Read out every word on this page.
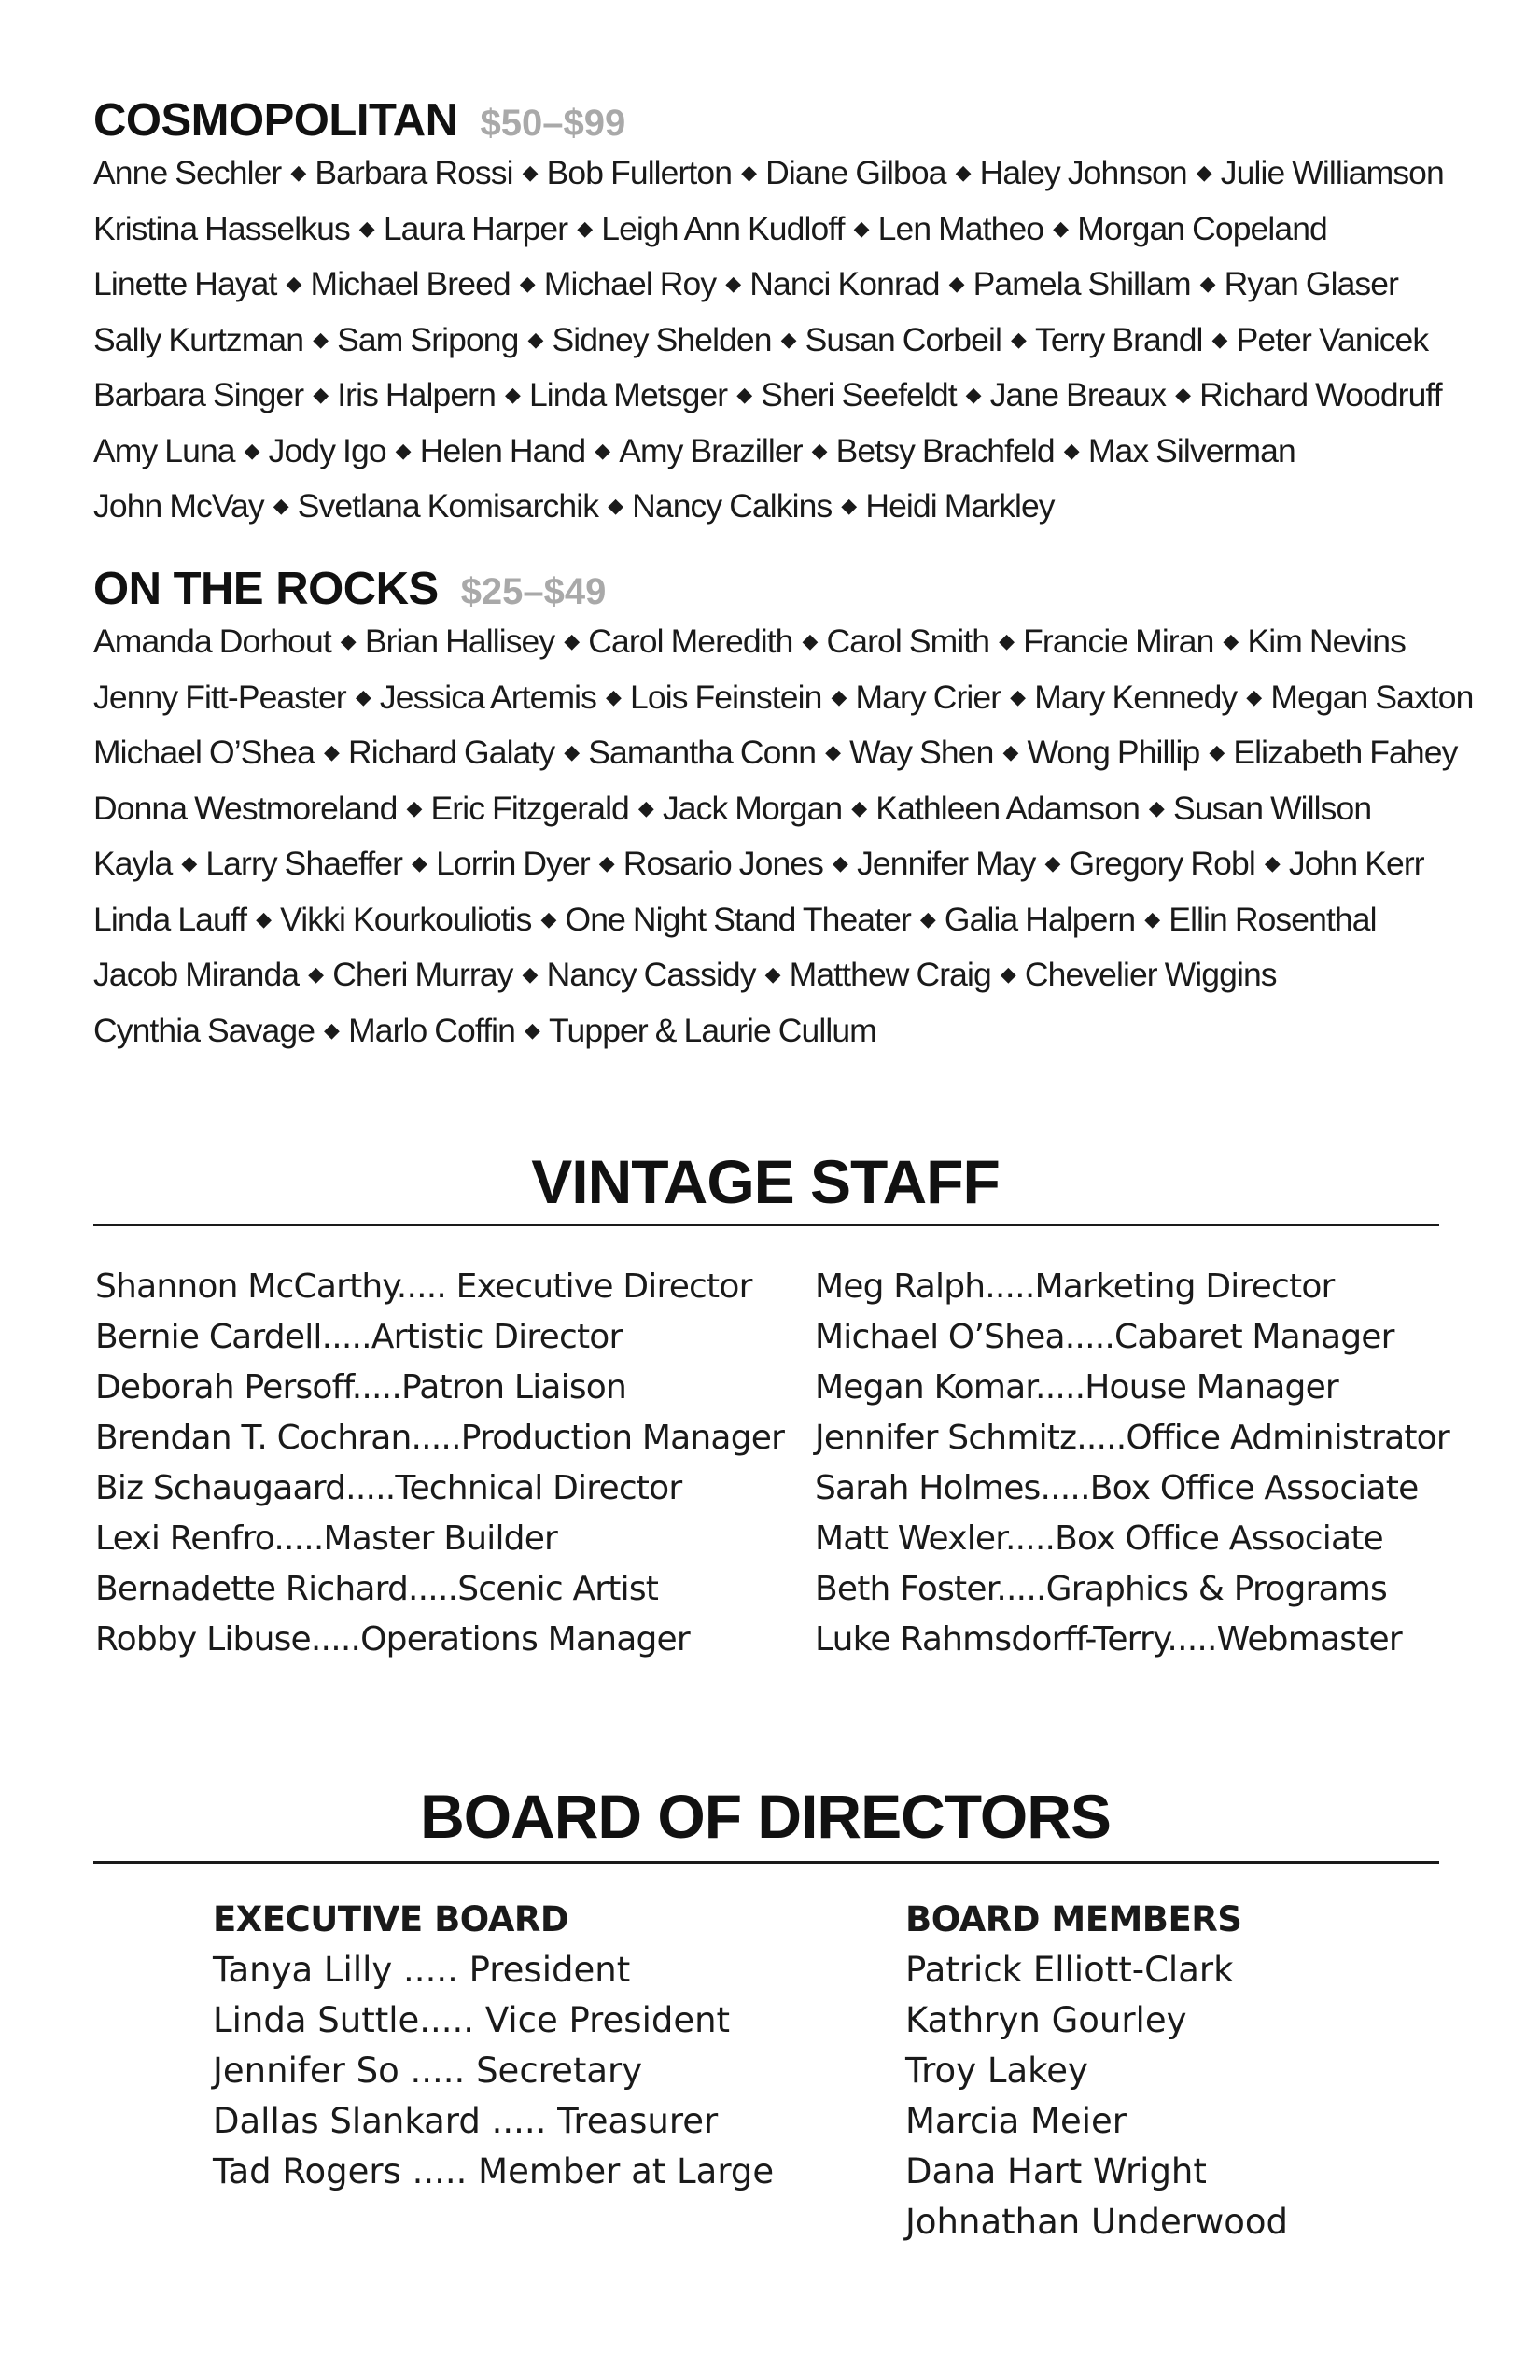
COSMOPOLITAN $50–$99
Anne Sechler ◆ Barbara Rossi ◆ Bob Fullerton ◆ Diane Gilboa ◆ Haley Johnson ◆ Julie Williamson
Kristina Hasselkus ◆ Laura Harper ◆ Leigh Ann Kudloff ◆ Len Matheo ◆ Morgan Copeland
Linette Hayat ◆ Michael Breed ◆ Michael Roy ◆ Nanci Konrad ◆ Pamela Shillam ◆ Ryan Glaser
Sally Kurtzman ◆ Sam Sripong ◆ Sidney Shelden ◆ Susan Corbeil ◆ Terry Brandl ◆ Peter Vanicek
Barbara Singer ◆ Iris Halpern ◆ Linda Metsger ◆ Sheri Seefeldt ◆ Jane Breaux ◆ Richard Woodruff
Amy Luna ◆ Jody Igo ◆ Helen Hand ◆ Amy Braziller ◆ Betsy Brachfeld ◆ Max Silverman
John McVay ◆ Svetlana Komisarchik ◆ Nancy Calkins ◆ Heidi Markley
ON THE ROCKS $25–$49
Amanda Dorhout ◆ Brian Hallisey ◆ Carol Meredith ◆ Carol Smith ◆ Francie Miran ◆ Kim Nevins
Jenny Fitt-Peaster ◆ Jessica Artemis ◆ Lois Feinstein ◆ Mary Crier ◆ Mary Kennedy ◆ Megan Saxton
Michael O’Shea ◆ Richard Galaty ◆ Samantha Conn ◆ Way Shen ◆ Wong Phillip ◆ Elizabeth Fahey
Donna Westmoreland ◆ Eric Fitzgerald ◆ Jack Morgan ◆ Kathleen Adamson ◆ Susan Willson
Kayla ◆ Larry Shaeffer ◆ Lorrin Dyer ◆ Rosario Jones ◆ Jennifer May ◆ Gregory Robl ◆ John Kerr
Linda Lauff ◆ Vikki Kourkouliotis ◆ One Night Stand Theater ◆ Galia Halpern ◆ Ellin Rosenthal
Jacob Miranda ◆ Cheri Murray ◆ Nancy Cassidy ◆ Matthew Craig ◆ Chevelier Wiggins
Cynthia Savage ◆ Marlo Coffin ◆ Tupper & Laurie Cullum
VINTAGE STAFF
Shannon McCarthy..... Executive Director
Bernie Cardell.....Artistic Director
Deborah Persoff.....Patron Liaison
Brendan T. Cochran.....Production Manager
Biz Schaugaard.....Technical Director
Lexi Renfro.....Master Builder
Bernadette Richard.....Scenic Artist
Robby Libuse.....Operations Manager
Meg Ralph.....Marketing Director
Michael O’Shea.....Cabaret Manager
Megan Komar.....House Manager
Jennifer Schmitz.....Office Administrator
Sarah Holmes.....Box Office Associate
Matt Wexler.....Box Office Associate
Beth Foster.....Graphics & Programs
Luke Rahmsdorff-Terry.....Webmaster
BOARD OF DIRECTORS
EXECUTIVE BOARD
Tanya Lilly ..... President
Linda Suttle..... Vice President
Jennifer So ..... Secretary
Dallas Slankard ..... Treasurer
Tad Rogers ..... Member at Large
BOARD MEMBERS
Patrick Elliott-Clark
Kathryn Gourley
Troy Lakey
Marcia Meier
Dana Hart Wright
Johnathan Underwood
